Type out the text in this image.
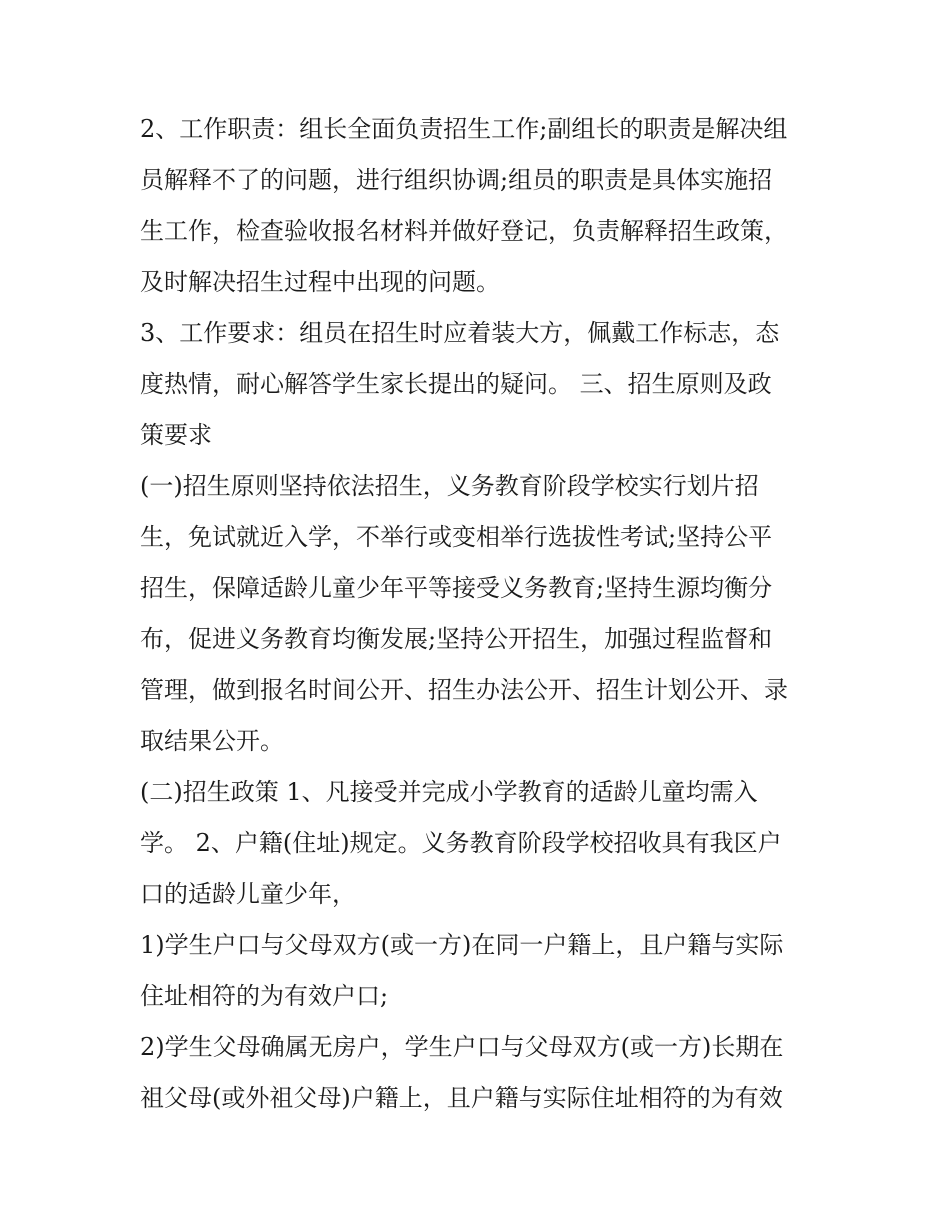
2、工作职责：组长全面负责招生工作;副组长的职责是解决组
员解释不了的问题，进行组织协调;组员的职责是具体实施招
生工作，检查验收报名材料并做好登记，负责解释招生政策，
及时解决招生过程中出现的问题。

3、工作要求：组员在招生时应着装大方，佩戴工作标志，态
度热情，耐心解答学生家长提出的疑问。 三、招生原则及政
策要求

(一)招生原则坚持依法招生，义务教育阶段学校实行划片招
生，免试就近入学，不举行或变相举行选拔性考试;坚持公平
招生，保障适龄儿童少年平等接受义务教育;坚持生源均衡分
布，促进义务教育均衡发展;坚持公开招生，加强过程监督和
管理，做到报名时间公开、招生办法公开、招生计划公开、录
取结果公开。

(二)招生政策 1、凡接受并完成小学教育的适龄儿童均需入
学。 2、户籍(住址)规定。义务教育阶段学校招收具有我区户
口的适龄儿童少年，

1)学生户口与父母双方(或一方)在同一户籍上，且户籍与实际
住址相符的为有效户口;

2)学生父母确属无房户，学生户口与父母双方(或一方)长期在
祖父母(或外祖父母)户籍上，且户籍与实际住址相符的为有效
